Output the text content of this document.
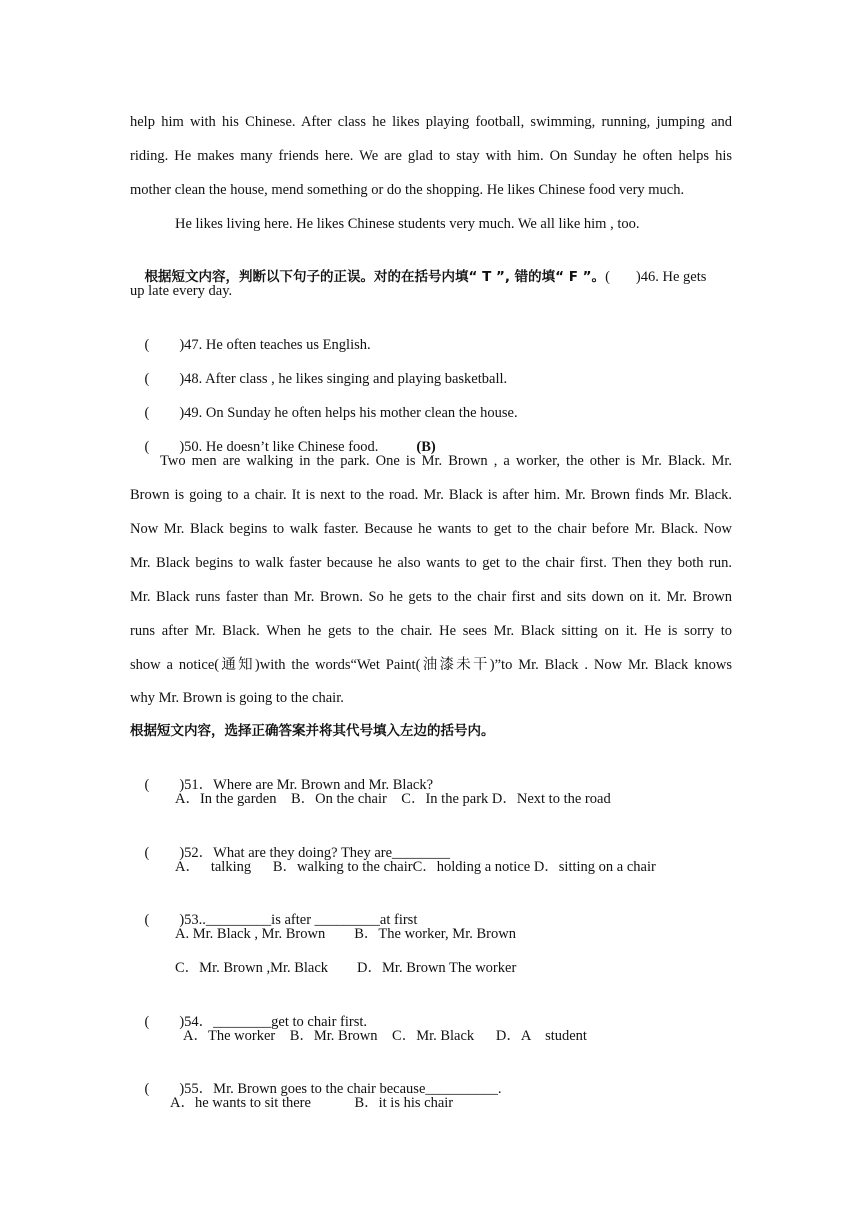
help him with his Chinese. After class he likes playing football, swimming, running, jumping and
riding. He makes many friends here. We are glad to stay with him. On Sunday he often helps his
mother clean the house, mend something or do the shopping. He likes Chinese food very much.
He likes living here. He likes Chinese students very much. We all like him , too.

根据短文内容，判断以下句子的正误。对的在括号内填“ T ”, 错的填“ F ”。( )46. He gets

up late every day.

( )47. He often teaches us English.

( )48. After class , he likes singing and playing basketball.

( )49. On Sunday he often helps his mother clean the house.

( )50. He doesn’t like Chinese food.	(B)

Two men are walking in the park. One is Mr. Brown , a worker, the other is Mr. Black. Mr.
Brown is going to a chair. It is next to the road. Mr. Black is after him. Mr. Brown finds Mr. Black.
Now Mr. Black begins to walk faster. Because he wants to get to the chair before Mr. Black. Now
Mr. Black begins to walk faster because he also wants to get to the chair first. Then they both run.
Mr. Black runs faster than Mr. Brown. So he gets to the chair first and sits down on it. Mr. Brown
runs after Mr. Black. When he gets to the chair. He sees Mr. Black sitting on it. He is sorry to
show a notice(通知)with the words“Wet Paint(油漆未干)”to Mr. Black . Now Mr. Black knows
why Mr. Brown is going to the chair.
根据短文内容，选择正确答案并将其代号填入左边的括号内。

( )51．Where are Mr. Brown and Mr. Black?

A．In the garden    B．On the chair    C．In the park D．Next to the road

( )52．What are they doing? They are________

A．   talking      B．walking to the chairC．holding a notice D．sitting on a chair

( )53.._________is after _________at first

A. Mr. Black , Mr. Brown        B．The worker, Mr. Brown
C．Mr. Brown ,Mr. Black        D．Mr. Brown The worker

( )54．________get to chair first.

A．The worker    B．Mr. Brown    C．Mr. Black      D．A    student

( )55．Mr. Brown goes to the chair because__________.

A．he wants to sit there            B．it is his chair
